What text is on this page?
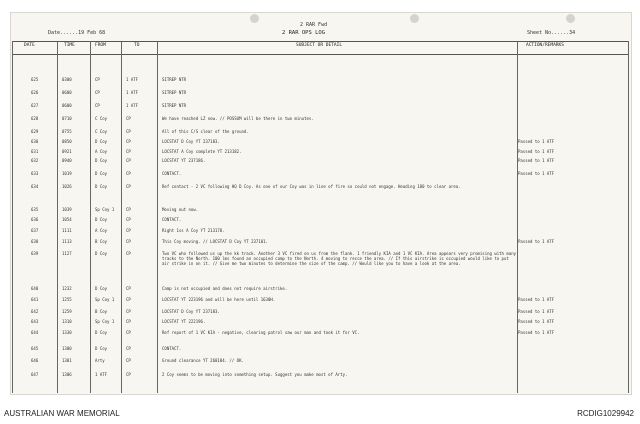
2 RAR Fwd
Date......19 Feb 68	2 RAR OPS LOG	Sheet No......34
DATE	TIME	FROM	TO	SUBJECT OR DETAIL	ACTION/REMARKS
625	0300	CP	1 ATF	SITREP NTR
626	0600	CP	1 ATF	SITREP NTR
627	0600	CP	1 ATF	SITREP NTR
628	0710	C Coy	CP	We have reached LZ now. // POSSUM will be there in two minutes.
629	0755	C Coy	CP	All of this C/S clear of the ground.
630	0850	D Coy	CP	LOCSTAT D Coy YT 237183.	Passed to 1 ATF
631	0921	A Coy	CP	LOCSTAT A Coy complete YT 213182.	Passed to 1 ATF
632	0940	D Coy	CP	LOCSTAT YT 237186.	Passed to 1 ATF
633	1019	D Coy	CP	CONTACT.	Passed to 1 ATF
634	1026	D Coy	CP	Ref contact - 2 VC following HQ D Coy. As one of our Coy was in line of fire so could not engage. Heading 180 to clear area.
635	1039	Sp Coy 1	CP	Moving out now.
636	1054	D Coy	CP	CONTACT.
637	1111	A Coy	CP	Right 1ss A Coy YT 213178.
638	1113	B Coy	CP	This Coy moving. // LOCSTAT D Coy YT 237181.	Passed to 1 ATF
639	1127	D Coy	CP	Two VC who followed us up the kk track. Another 3 VC fired on us from the flank. 1 friendly KIA and 1 VC KIA. Area appears very promising with many tracks to the North. 100 lms found an occupied camp to the North. 4 moving to recce the area. // If this airstrike is occupied would like to put air strike in on it. // Give me two minutes to determine the size of the camp. // Would like you to have a look at the area.
640	1232	D Coy	CP	Camp is not occupied and does not require airstrike.
641	1255	Sp Coy 1	CP	LOCSTAT YT 223196 and will be here until 1630H.	Passed to 1 ATF
642	1259	B Coy	CP	LOCSTAT D Coy YT 237183.	Passed to 1 ATF
643	1310	Sp Coy 1	CP	LOCSTAT YT 222196.	Passed to 1 ATF
644	1330	D Coy	CP	Ref report of 1 VC KIA - negative, clearing patrol saw our man and took it for VC.	Passed to 1 ATF
645	1300	D Coy	CP	CONTACT.
646	1301	Arty	CP	Ground clearance YT 260184. // OK.
647	1306	1 ATF	CP	2 Coy seems to be moving into something setup. Suggest you make most of Arty.
AUSTRALIAN WAR MEMORIAL	RCDIG1029942
